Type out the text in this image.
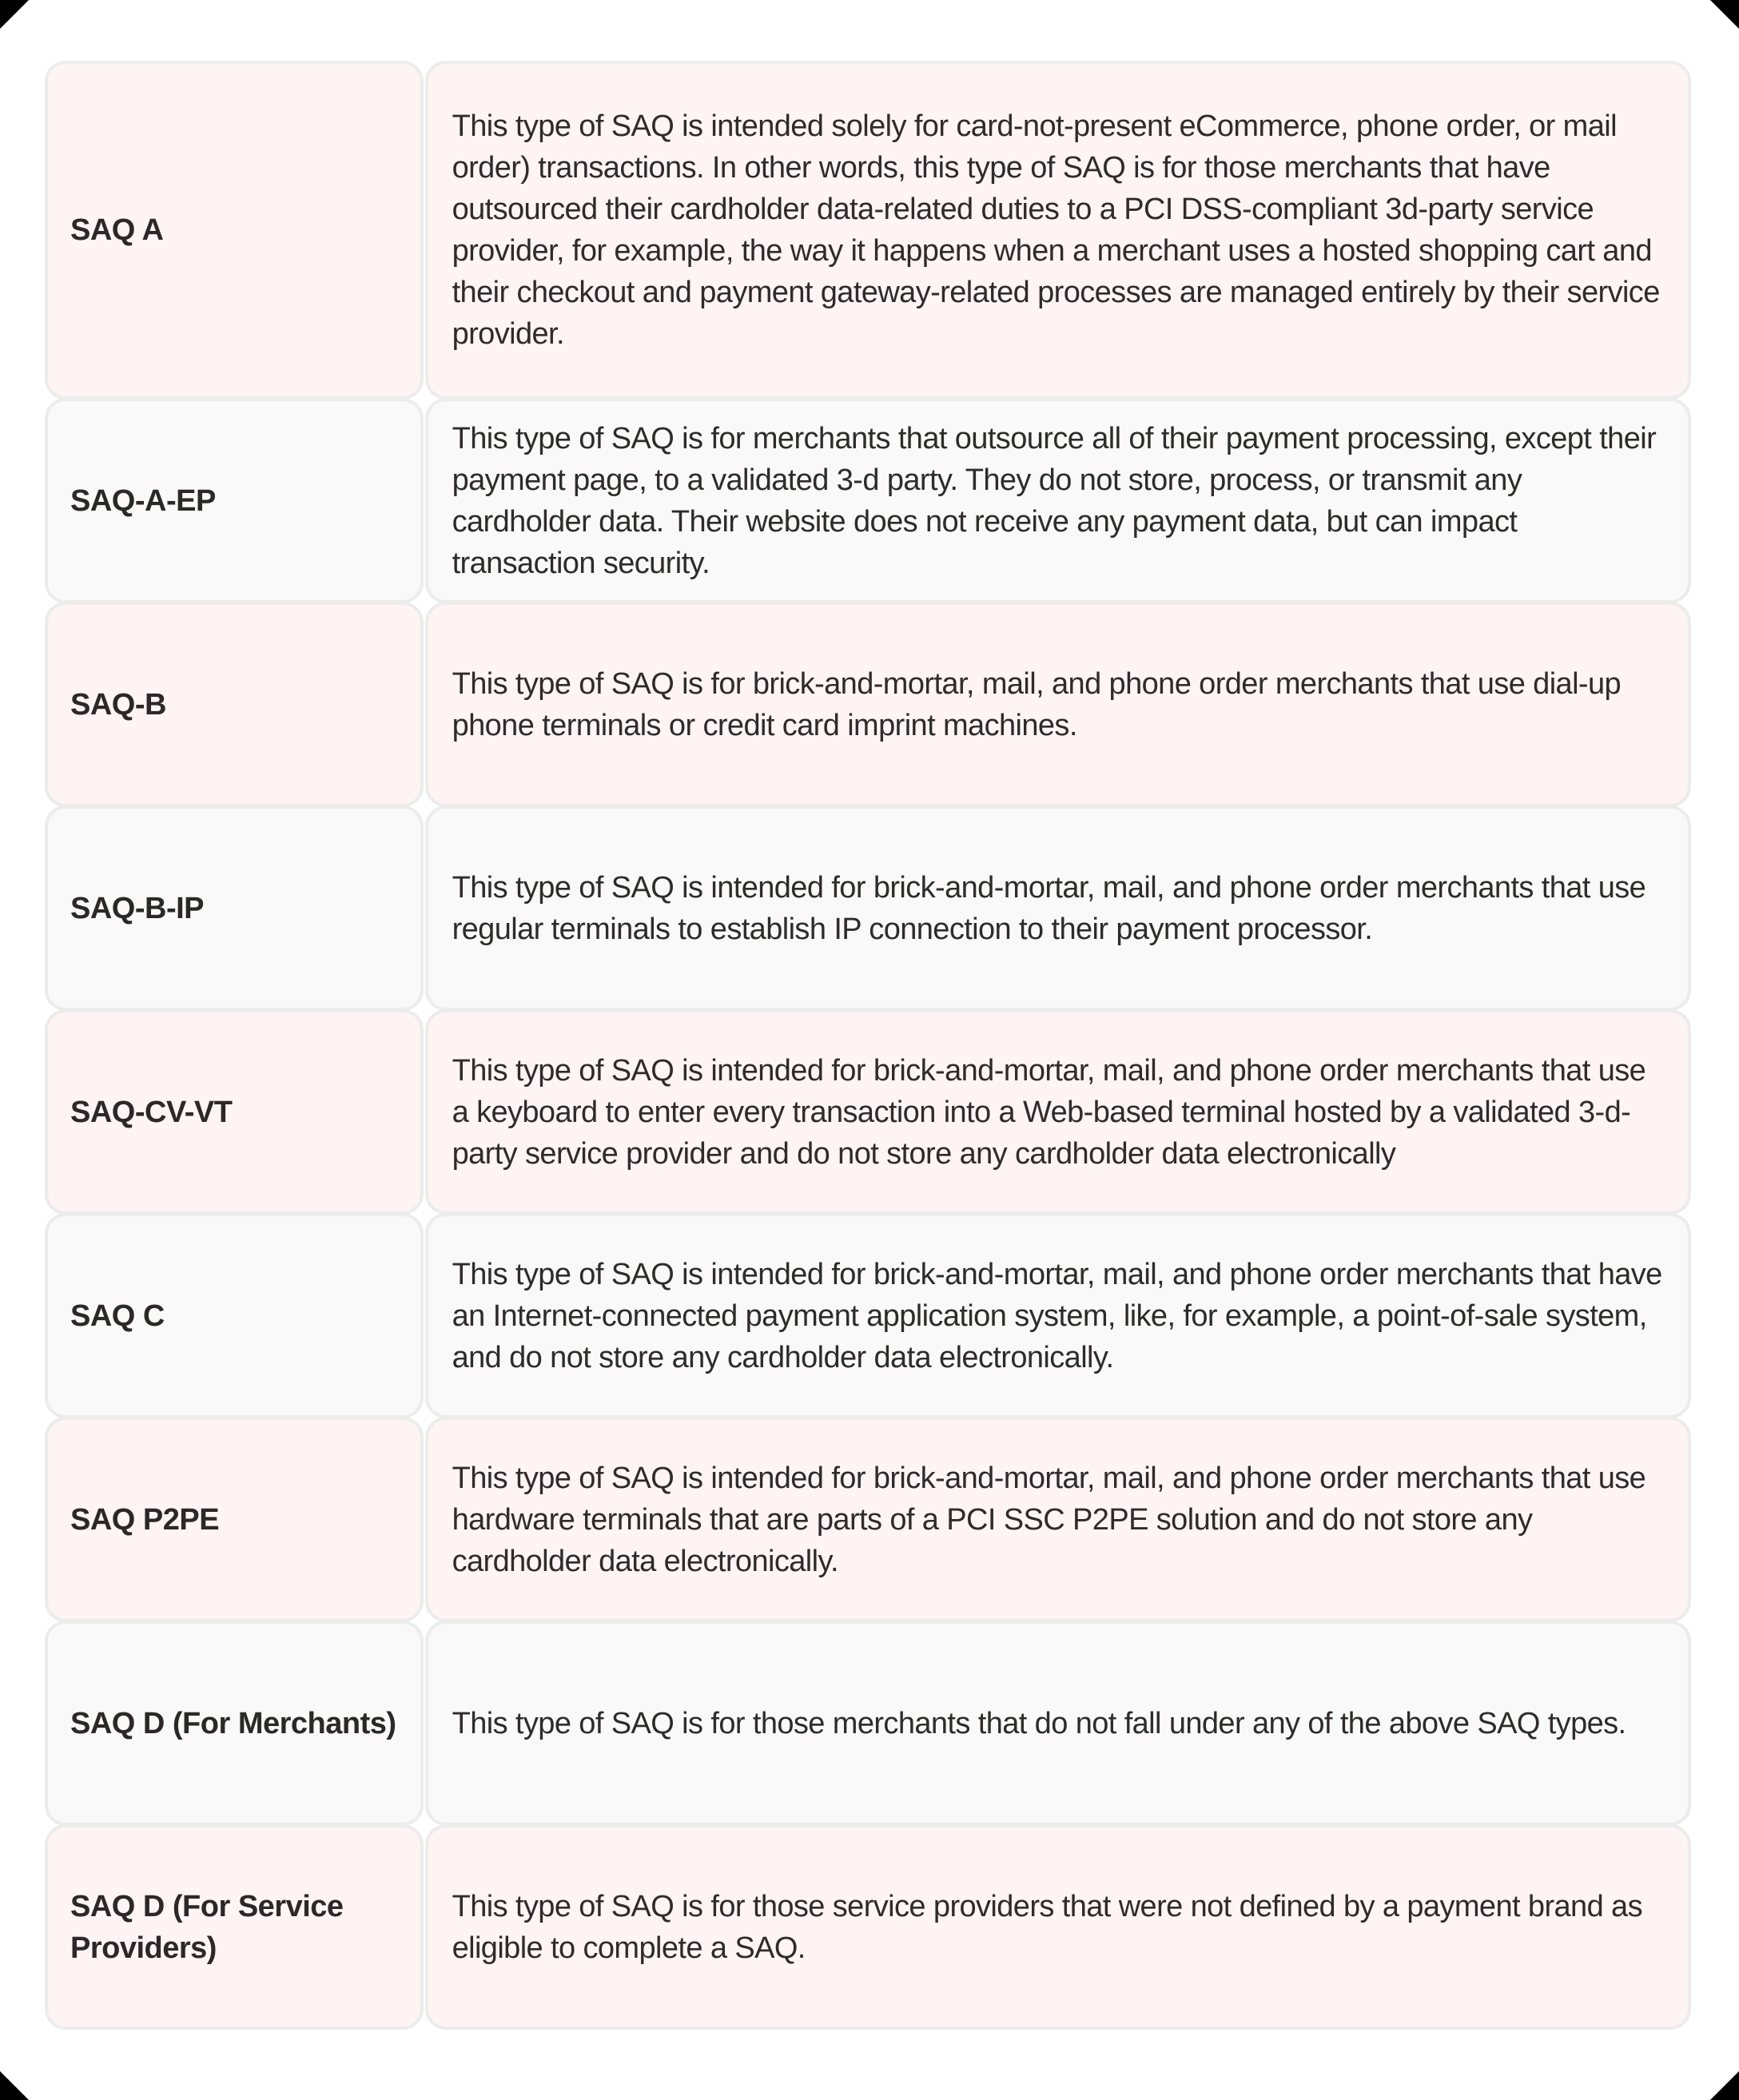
SAQ A
This type of SAQ is intended solely for card-not-present eCommerce, phone order, or mail order) transactions. In other words, this type of SAQ is for those merchants that have outsourced their cardholder data-related duties to a PCI DSS-compliant 3d-party service provider, for example, the way it happens when a merchant uses a hosted shopping cart and their checkout and payment gateway-related processes are managed entirely by their service provider.
SAQ-A-EP
This type of SAQ is for merchants that outsource all of their payment processing, except their payment page, to a validated 3-d party. They do not store, process, or transmit any cardholder data. Their website does not receive any payment data, but can impact transaction security.
SAQ-B
This type of SAQ is for brick-and-mortar, mail, and phone order merchants that use dial-up phone terminals or credit card imprint machines.
SAQ-B-IP
This type of SAQ is intended for brick-and-mortar, mail, and phone order merchants that use regular terminals to establish IP connection to their payment processor.
SAQ-CV-VT
This type of SAQ is intended for brick-and-mortar, mail, and phone order merchants that use a keyboard to enter every transaction into a Web-based terminal hosted by a validated 3-d-party service provider and do not store any cardholder data electronically
SAQ C
This type of SAQ is intended for brick-and-mortar, mail, and phone order merchants that have an Internet-connected payment application system, like, for example, a point-of-sale system, and do not store any cardholder data electronically.
SAQ P2PE
This type of SAQ is intended for brick-and-mortar, mail, and phone order merchants that use hardware terminals that are parts of a PCI SSC P2PE solution and do not store any cardholder data electronically.
SAQ D (For Merchants)	This type of SAQ is for those merchants that do not fall under any of the above SAQ types.
SAQ D (For Service Providers)
This type of SAQ is for those service providers that were not defined by a payment brand as eligible to complete a SAQ.
